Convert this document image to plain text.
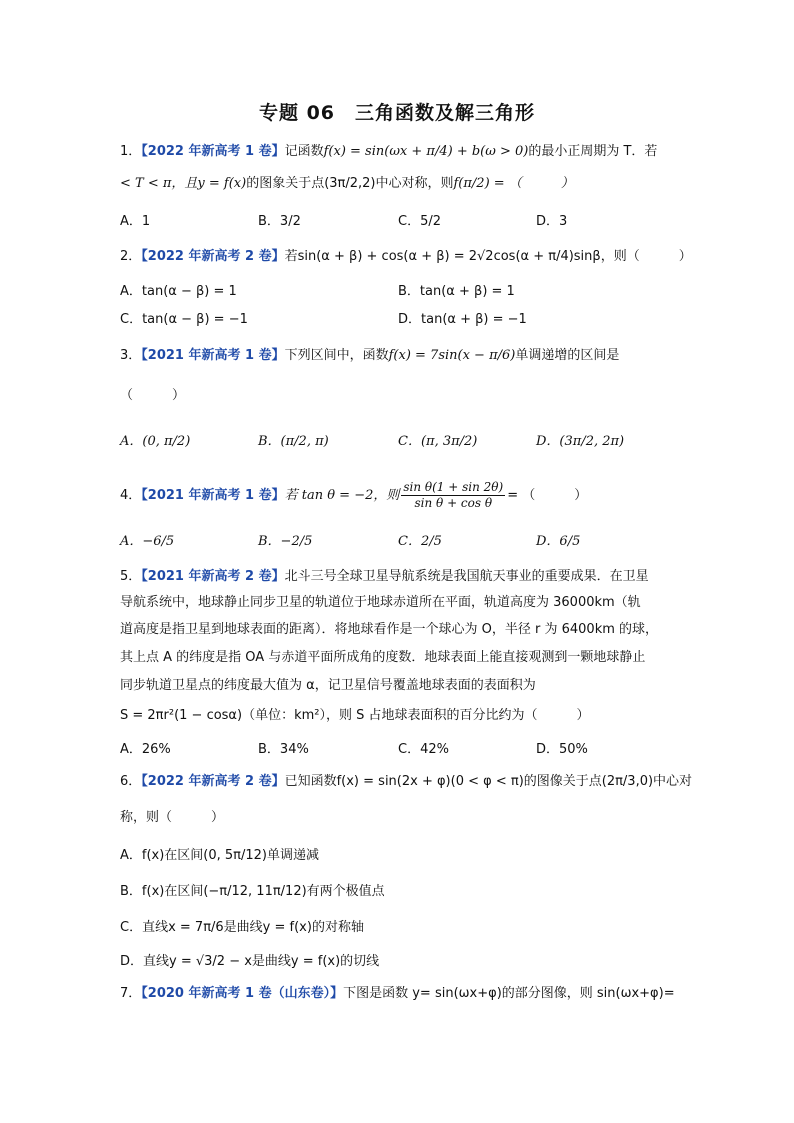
专题 06　三角函数及解三角形
1．【2022 年新高考 1 卷】记函数f(x) = sin(ωx + π/4) + b(ω > 0)的最小正周期为 T．若
< T < π，且y = f(x)的图象关于点(3π/2,2)中心对称，则f(π/2) = （　　　）
A．1	B．3/2	C．5/2	D．3
2．【2022 年新高考 2 卷】若sin(α + β) + cos(α + β) = 2√2cos(α + π/4)sinβ，则（　　　）
A．tan(α − β) = 1	B．tan(α + β) = 1
C．tan(α − β) = −1	D．tan(α + β) = −1
3．【2021 年新高考 1 卷】下列区间中，函数f(x) = 7sin(x − π/6)单调递增的区间是
（　　　）
A．(0, π/2)	B．(π/2, π)	C．(π, 3π/2)	D．(3π/2, 2π)
4．【2021 年新高考 1 卷】若 tan θ = −2，则 $\frac{\text{sin θ(1 + sin 2θ)}}{\text{sin θ + cos θ}}$ = （　　　）
A．−6/5	B．−2/5	C．2/5	D．6/5
5．【2021 年新高考 2 卷】北斗三号全球卫星导航系统是我国航天事业的重要成果．在卫星
导航系统中，地球静止同步卫星的轨道位于地球赤道所在平面，轨道高度为 36000km（轨
道高度是指卫星到地球表面的距离）．将地球看作是一个球心为 O，半径 r 为 6400km 的球，
其上点 A 的纬度是指 OA 与赤道平面所成角的度数．地球表面上能直接观测到一颗地球静止
同步轨道卫星点的纬度最大值为 α，记卫星信号覆盖地球表面的表面积为
S = 2πr²(1 − cosα)（单位：km²），则 S 占地球表面积的百分比约为（　　　）
A．26%	B．34%	C．42%	D．50%
6．【2022 年新高考 2 卷】已知函数f(x) = sin(2x + φ)(0 < φ < π)的图像关于点(2π/3,0)中心对
称，则（　　　）
A．f(x)在区间(0, 5π/12)单调递减
B．f(x)在区间(−π/12, 11π/12)有两个极值点
C．直线x = 7π/6是曲线y = f(x)的对称轴
D．直线y = √3/2 − x是曲线y = f(x)的切线
7．【2020 年新高考 1 卷（山东卷）】下图是函数 y= sin(ωx+φ)的部分图像，则 sin(ωx+φ)=
